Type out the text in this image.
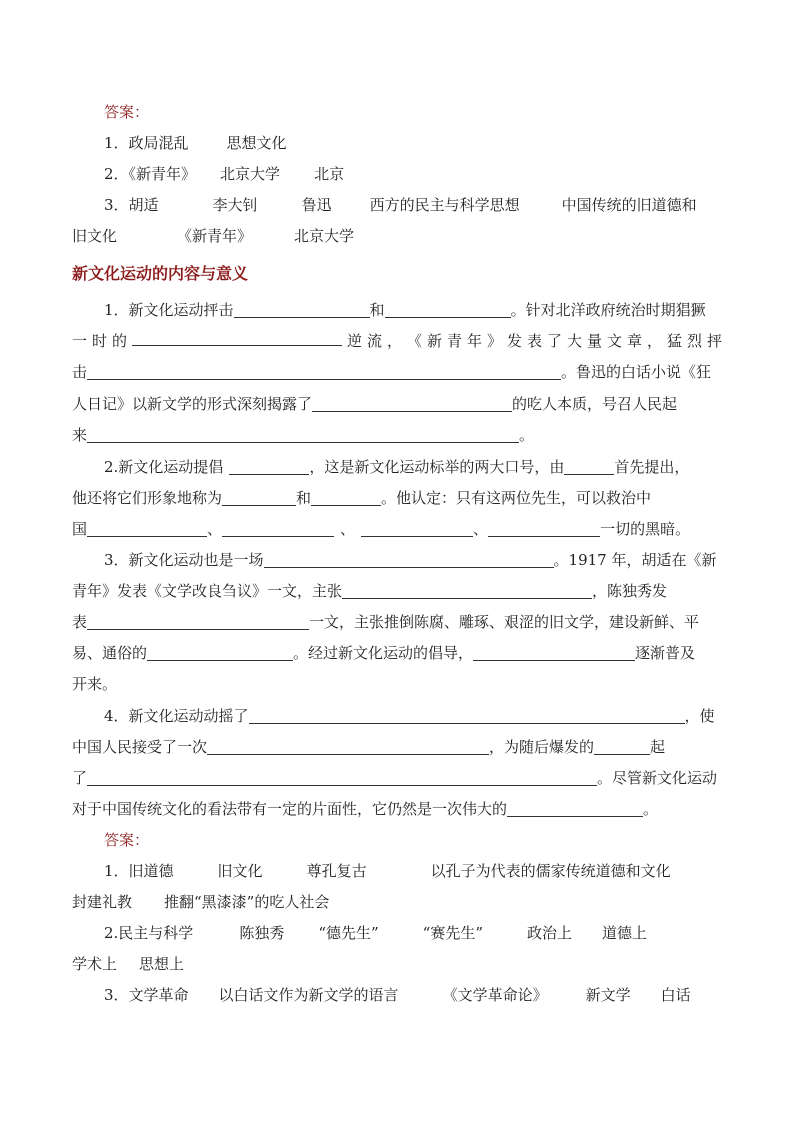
答案：
1．政局混乱	思想文化
2．《新青年》 北京大学 北京
3．胡适	李大钊	鲁迅	西方的民主与科学思想	中国传统的旧道德和
旧文化	《新青年》	北京大学
新文化运动的内容与意义
1．新文化运动抨击	和	。针对北洋政府统治时期猖獗
一 时 的	逆 流 ， 《 新 青 年 》 发 表 了 大 量 文 章 ， 猛 烈 抨
击	。鲁迅的白话小说《狂
人日记》以新文学的形式深刻揭露了	的吃人本质，号召人民起
来	。
2.新文化运动提倡	，这是新文化运动标举的两大口号，由	首先提出，
他还将它们形象地称为	和	。他认定：只有这两位先生，可以救治中
国	、	、	、	一切的黑暗。
3．新文化运动也是一场	。1917 年，胡适在《新
青年》发表《文学改良刍议》一文，主张	，陈独秀发
表	一文，主张推倒陈腐、雕琢、艰涩的旧文学，建设新鲜、平
易、通俗的	。经过新文化运动的倡导，	逐渐普及
开来。
4．新文化运动动摇了	，使
中国人民接受了一次	，为随后爆发的	起
了	。尽管新文化运动
对于中国传统文化的看法带有一定的片面性，它仍然是一次伟大的	。
答案：
1．旧道德	旧文化	尊孔复古	以孔子为代表的儒家传统道德和文化
封建礼教 推翻“黑漆漆”的吃人社会
2.民主与科学	陈独秀 “德先生”	“赛先生”	政治上 道德上
学术上 思想上
3．文学革命 以白话文作为新文学的语言	《文学革命论》	新文学 白话
